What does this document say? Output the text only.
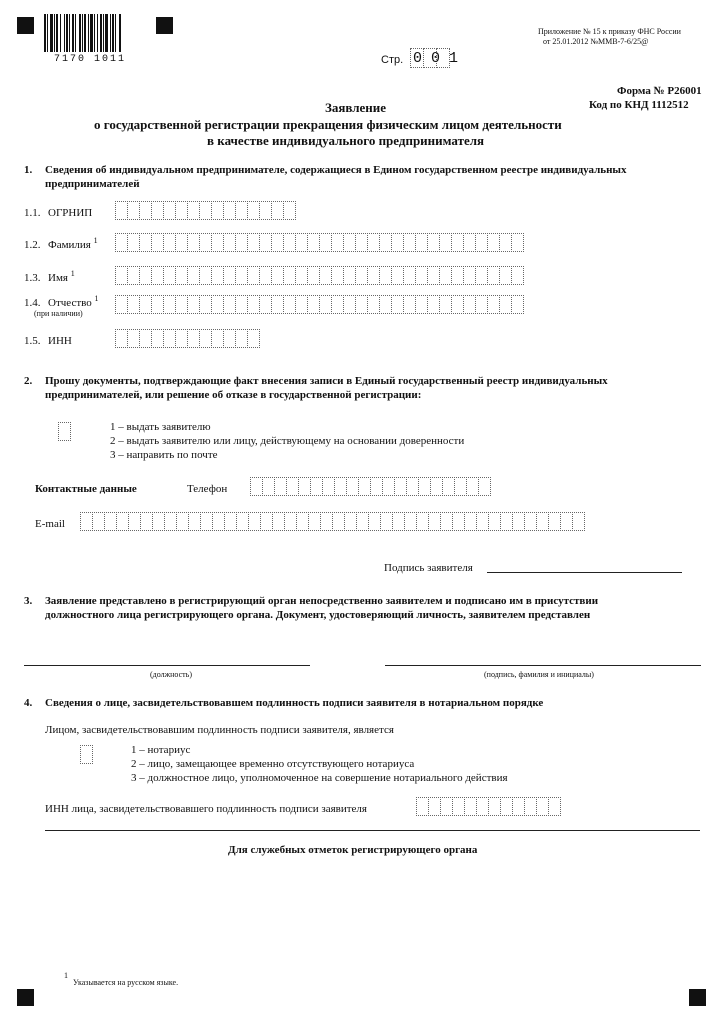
7170 1011
Приложение № 15 к приказу ФНС России
от 25.01.2012 №ММВ-7-6/25@
Стр. 0 0 1
Форма № Р26001
Код по КНД 1112512
Заявление
о государственной регистрации прекращения физическим лицом деятельности
в качестве индивидуального предпринимателя
1. Сведения об индивидуальном предпринимателе, содержащиеся в Едином государственном реестре индивидуальных
предпринимателей
1.1. ОГРНИП
1.2. Фамилия $^1$
1.3. Имя $^1$
1.4. Отчество $^1$
(при наличии)
1.5. ИНН
2. Прошу документы, подтверждающие факт внесения записи в Единый государственный реестр индивидуальных
предпринимателей, или решение об отказе в государственной регистрации:
1 – выдать заявителю
2 – выдать заявителю или лицу, действующему на основании доверенности
3 – направить по почте
Контактные данные	Телефон
E-mail
Подпись заявителя
3. Заявление представлено в регистрирующий орган непосредственно заявителем и подписано им в присутствии
должностного лица регистрирующего органа. Документ, удостоверяющий личность, заявителем представлен
(должность)	(подпись, фамилия и инициалы)
4. Сведения о лице, засвидетельствовавшем подлинность подписи заявителя в нотариальном порядке
Лицом, засвидетельствовавшим подлинность подписи заявителя, является
1 – нотариус
2 – лицо, замещающее временно отсутствующего нотариуса
3 – должностное лицо, уполномоченное на совершение нотариального действия
ИНН лица, засвидетельствовавшего подлинность подписи заявителя
Для служебных отметок регистрирующего органа
1
Указывается на русском языке.
